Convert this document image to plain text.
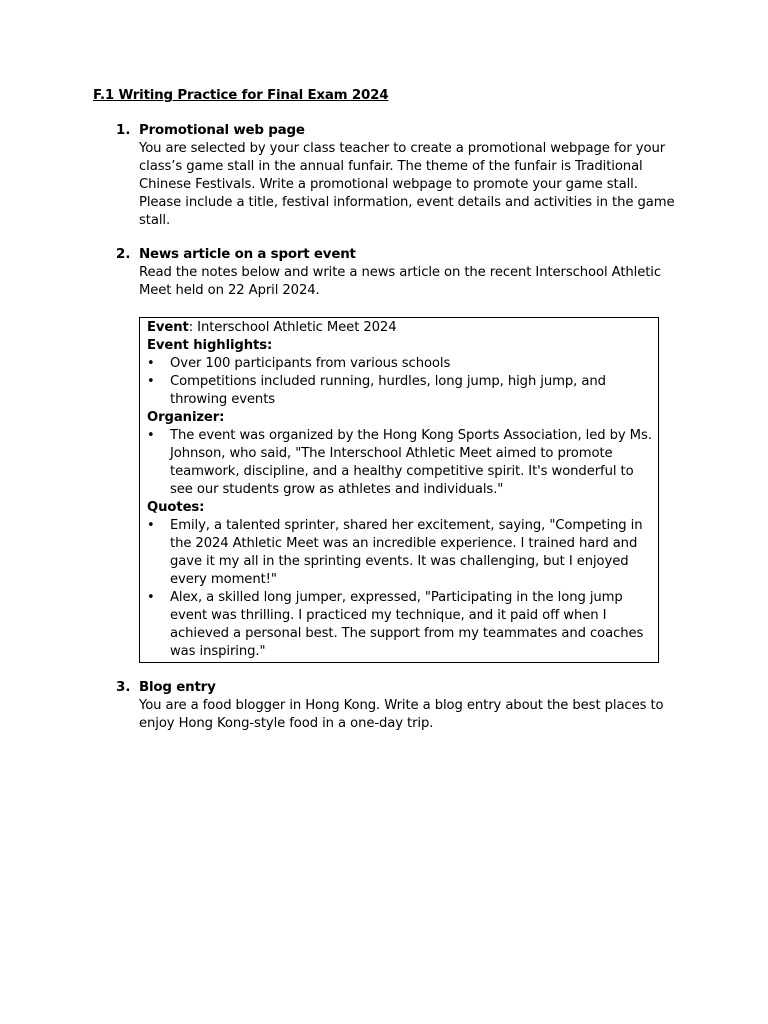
F.1 Writing Practice for Final Exam 2024
1. Promotional web page
You are selected by your class teacher to create a promotional webpage for your class’s game stall in the annual funfair. The theme of the funfair is Traditional Chinese Festivals. Write a promotional webpage to promote your game stall. Please include a title, festival information, event details and activities in the game stall.
2. News article on a sport event
Read the notes below and write a news article on the recent Interschool Athletic Meet held on 22 April 2024.
Event: Interschool Athletic Meet 2024
Event highlights:
• Over 100 participants from various schools
• Competitions included running, hurdles, long jump, high jump, and throwing events
Organizer:
• The event was organized by the Hong Kong Sports Association, led by Ms. Johnson, who said, "The Interschool Athletic Meet aimed to promote teamwork, discipline, and a healthy competitive spirit. It's wonderful to see our students grow as athletes and individuals."
Quotes:
• Emily, a talented sprinter, shared her excitement, saying, "Competing in the 2024 Athletic Meet was an incredible experience. I trained hard and gave it my all in the sprinting events. It was challenging, but I enjoyed every moment!"
• Alex, a skilled long jumper, expressed, "Participating in the long jump event was thrilling. I practiced my technique, and it paid off when I achieved a personal best. The support from my teammates and coaches was inspiring."
3. Blog entry
You are a food blogger in Hong Kong. Write a blog entry about the best places to enjoy Hong Kong-style food in a one-day trip.
